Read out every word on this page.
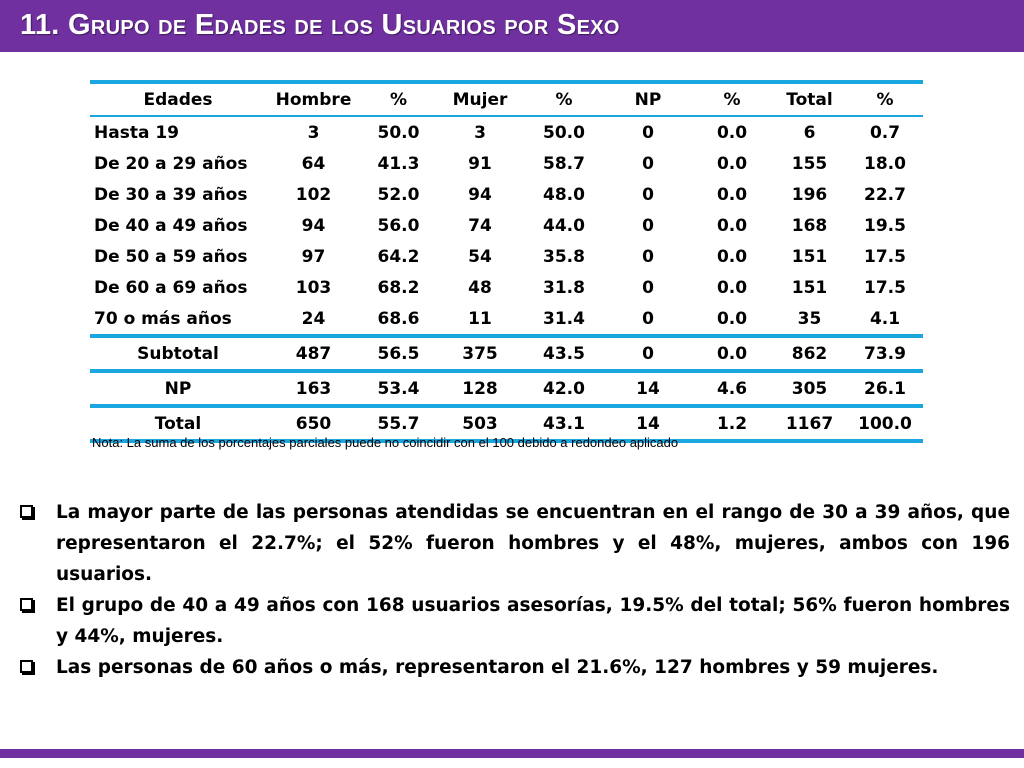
11. Grupo de Edades de los Usuarios por Sexo
Edades	Hombre	%	Mujer	%	NP	%	Total	%
Hasta 19	3	50.0	3	50.0	0	0.0	6	0.7
De 20 a 29 años	64	41.3	91	58.7	0	0.0	155	18.0
De 30 a 39 años	102	52.0	94	48.0	0	0.0	196	22.7
De 40 a 49 años	94	56.0	74	44.0	0	0.0	168	19.5
De 50 a 59 años	97	64.2	54	35.8	0	0.0	151	17.5
De 60 a 69 años	103	68.2	48	31.8	0	0.0	151	17.5
70 o más años	24	68.6	11	31.4	0	0.0	35	4.1
Subtotal	487	56.5	375	43.5	0	0.0	862	73.9
NP	163	53.4	128	42.0	14	4.6	305	26.1
Total	650	55.7	503	43.1	14	1.2	1167	100.0
Nota: La suma de los porcentajes parciales puede no coincidir con el 100 debido a redondeo aplicado
La mayor parte de las personas atendidas se encuentran en el rango de 30 a 39 años, que representaron el 22.7%; el 52% fueron hombres y el 48%, mujeres, ambos con 196 usuarios.
El grupo de 40 a 49 años con 168 usuarios asesorías, 19.5% del total; 56% fueron hombres y 44%, mujeres.
Las personas de 60 años o más, representaron el 21.6%, 127 hombres y 59 mujeres.
